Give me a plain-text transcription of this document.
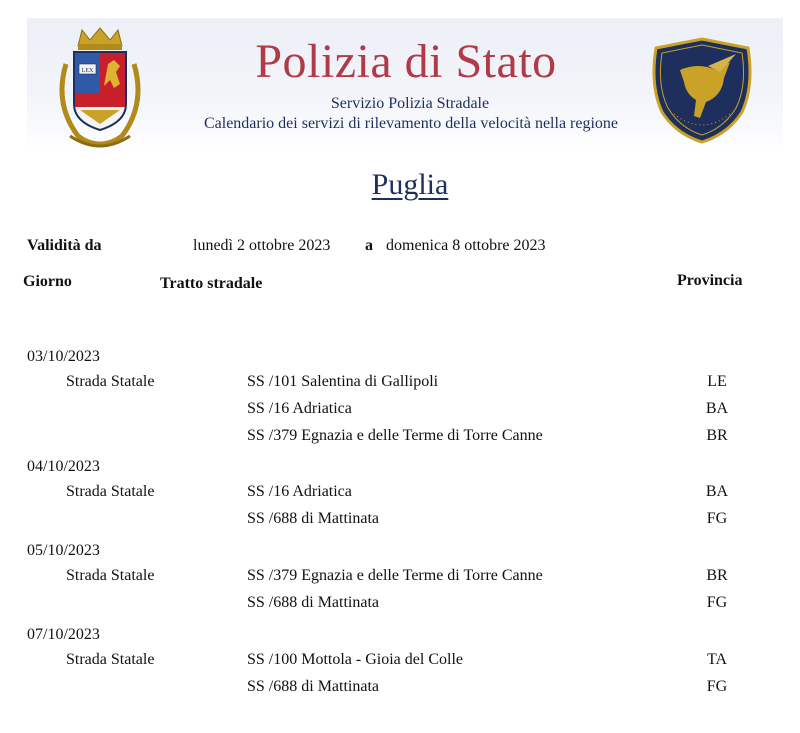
LEX	Polizia di Stato
Servizio Polizia Stradale
Calendario dei servizi di rilevamento della velocità nella regione
Puglia
Validità da	lunedì 2 ottobre 2023 a domenica 8 ottobre 2023
Giorno	Tratto stradale	Provincia
03/10/2023
Strada Statale	SS /101 Salentina di Gallipoli	LE
SS /16 Adriatica	BA
SS /379 Egnazia e delle Terme di Torre Canne	BR
04/10/2023
Strada Statale	SS /16 Adriatica	BA
SS /688 di Mattinata	FG
05/10/2023
Strada Statale	SS /379 Egnazia e delle Terme di Torre Canne	BR
SS /688 di Mattinata	FG
07/10/2023
Strada Statale	SS /100 Mottola - Gioia del Colle	TA
SS /688 di Mattinata	FG
